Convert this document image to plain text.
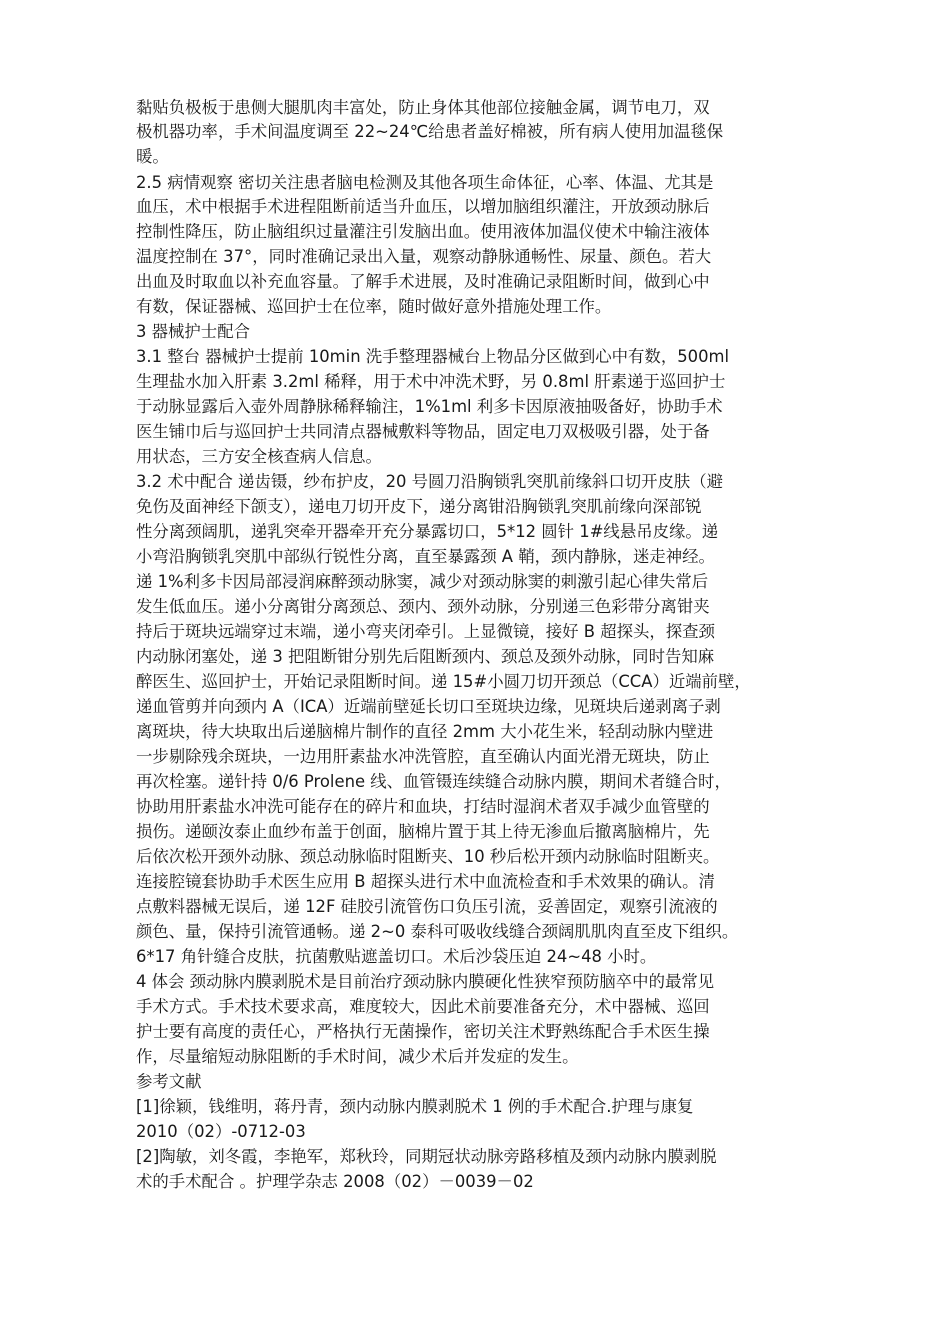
黏贴负极板于患侧大腿肌肉丰富处，防止身体其他部位接触金属，调节电刀，双
极机器功率，手术间温度调至 22~24℃给患者盖好棉被，所有病人使用加温毯保
暖。
2.5 病情观察 密切关注患者脑电检测及其他各项生命体征，心率、体温、尤其是
血压，术中根据手术进程阻断前适当升血压，以增加脑组织灌注，开放颈动脉后
控制性降压，防止脑组织过量灌注引发脑出血。使用液体加温仪使术中输注液体
温度控制在 37°，同时准确记录出入量，观察动静脉通畅性、尿量、颜色。若大
出血及时取血以补充血容量。了解手术进展，及时准确记录阻断时间，做到心中
有数，保证器械、巡回护士在位率，随时做好意外措施处理工作。
3 器械护士配合
3.1 整台 器械护士提前 10min 洗手整理器械台上物品分区做到心中有数，500ml
生理盐水加入肝素 3.2ml 稀释，用于术中冲洗术野，另 0.8ml 肝素递于巡回护士
于动脉显露后入壶外周静脉稀释输注，1%1ml 利多卡因原液抽吸备好，协助手术
医生铺巾后与巡回护士共同清点器械敷料等物品，固定电刀双极吸引器，处于备
用状态，三方安全核查病人信息。
3.2 术中配合 递齿镊，纱布护皮，20 号圆刀沿胸锁乳突肌前缘斜口切开皮肤（避
免伤及面神经下颌支），递电刀切开皮下，递分离钳沿胸锁乳突肌前缘向深部锐
性分离颈阔肌，递乳突牵开器牵开充分暴露切口，5*12 圆针 1#线悬吊皮缘。递
小弯沿胸锁乳突肌中部纵行锐性分离，直至暴露颈 A 鞘，颈内静脉，迷走神经。
递 1%利多卡因局部浸润麻醉颈动脉窦，减少对颈动脉窦的刺激引起心律失常后
发生低血压。递小分离钳分离颈总、颈内、颈外动脉，分别递三色彩带分离钳夹
持后于斑块远端穿过末端，递小弯夹闭牵引。上显微镜，接好 B 超探头，探查颈
内动脉闭塞处，递 3 把阻断钳分别先后阻断颈内、颈总及颈外动脉，同时告知麻
醉医生、巡回护士，开始记录阻断时间。递 15#小圆刀切开颈总（CCA）近端前壁，
递血管剪并向颈内 A（ICA）近端前壁延长切口至斑块边缘，见斑块后递剥离子剥
离斑块，待大块取出后递脑棉片制作的直径 2mm 大小花生米，轻刮动脉内壁进
一步剔除残余斑块，一边用肝素盐水冲洗管腔，直至确认内面光滑无斑块，防止
再次栓塞。递针持 0/6 Prolene 线、血管镊连续缝合动脉内膜，期间术者缝合时，
协助用肝素盐水冲洗可能存在的碎片和血块，打结时湿润术者双手减少血管壁的
损伤。递颐汝泰止血纱布盖于创面，脑棉片置于其上待无渗血后撤离脑棉片，先
后依次松开颈外动脉、颈总动脉临时阻断夹、10 秒后松开颈内动脉临时阻断夹。
连接腔镜套协助手术医生应用 B 超探头进行术中血流检查和手术效果的确认。清
点敷料器械无误后，递 12F 硅胶引流管伤口负压引流，妥善固定，观察引流液的
颜色、量，保持引流管通畅。递 2~0 泰科可吸收线缝合颈阔肌肌肉直至皮下组织。
6*17 角针缝合皮肤，抗菌敷贴遮盖切口。术后沙袋压迫 24~48 小时。
4 体会 颈动脉内膜剥脱术是目前治疗颈动脉内膜硬化性狭窄预防脑卒中的最常见
手术方式。手术技术要求高，难度较大，因此术前要准备充分，术中器械、巡回
护士要有高度的责任心，严格执行无菌操作，密切关注术野熟练配合手术医生操
作，尽量缩短动脉阻断的手术时间，减少术后并发症的发生。
参考文献
[1]徐颖，钱维明，蒋丹青，颈内动脉内膜剥脱术 1 例的手术配合.护理与康复
2010（02）-0712-03
[2]陶敏，刘冬霞，李艳军，郑秋玲，同期冠状动脉旁路移植及颈内动脉内膜剥脱
术的手术配合 。护理学杂志 2008（02）－0039－02
